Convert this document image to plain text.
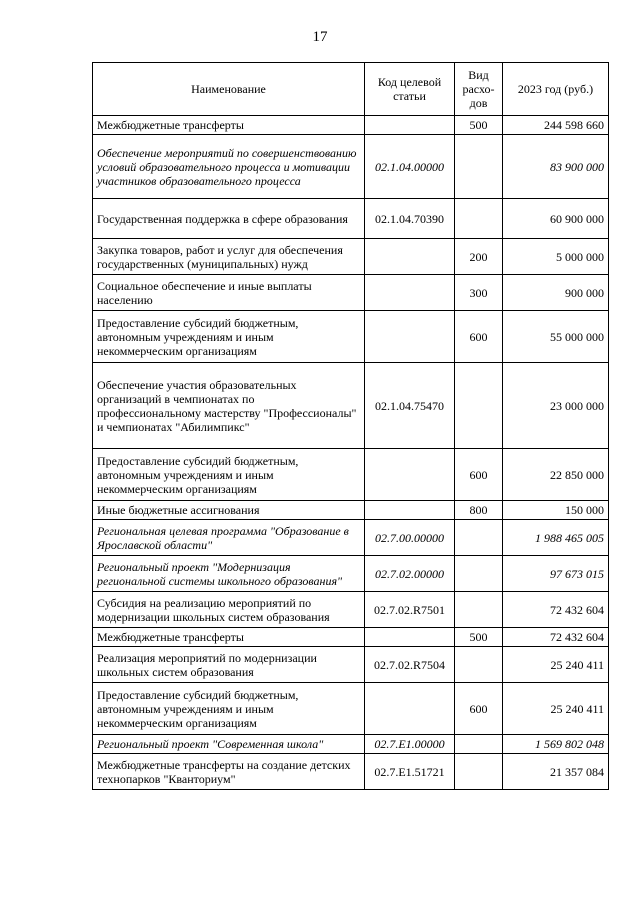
17
Наименование	Код целевой статьи	Вид расхо-дов	2023 год (руб.)
Межбюджетные трансферты		500	244 598 660
Обеспечение мероприятий по совершенствованию условий образовательного процесса и мотивации участников образовательного процесса	02.1.04.00000		83 900 000
Государственная поддержка в сфере образования	02.1.04.70390		60 900 000
Закупка товаров, работ и услуг для обеспечения государственных (муниципальных) нужд		200	5 000 000
Социальное обеспечение и иные выплаты населению		300	900 000
Предоставление субсидий бюджетным, автономным учреждениям и иным некоммерческим организациям		600	55 000 000
Обеспечение участия образовательных организаций в чемпионатах по профессиональному мастерству "Профессионалы" и чемпионатах "Абилимпикс"	02.1.04.75470		23 000 000
Предоставление субсидий бюджетным, автономным учреждениям и иным некоммерческим организациям		600	22 850 000
Иные бюджетные ассигнования		800	150 000
Региональная целевая программа "Образование в Ярославской области"	02.7.00.00000		1 988 465 005
Региональный проект "Модернизация региональной системы школьного образования"	02.7.02.00000		97 673 015
Субсидия на реализацию мероприятий по модернизации школьных систем образования	02.7.02.R7501		72 432 604
Межбюджетные трансферты		500	72 432 604
Реализация мероприятий по модернизации школьных систем образования	02.7.02.R7504		25 240 411
Предоставление субсидий бюджетным, автономным учреждениям и иным некоммерческим организациям		600	25 240 411
Региональный проект "Современная школа"	02.7.E1.00000		1 569 802 048
Межбюджетные трансферты на создание детских технопарков "Кванториум"	02.7.E1.51721		21 357 084
